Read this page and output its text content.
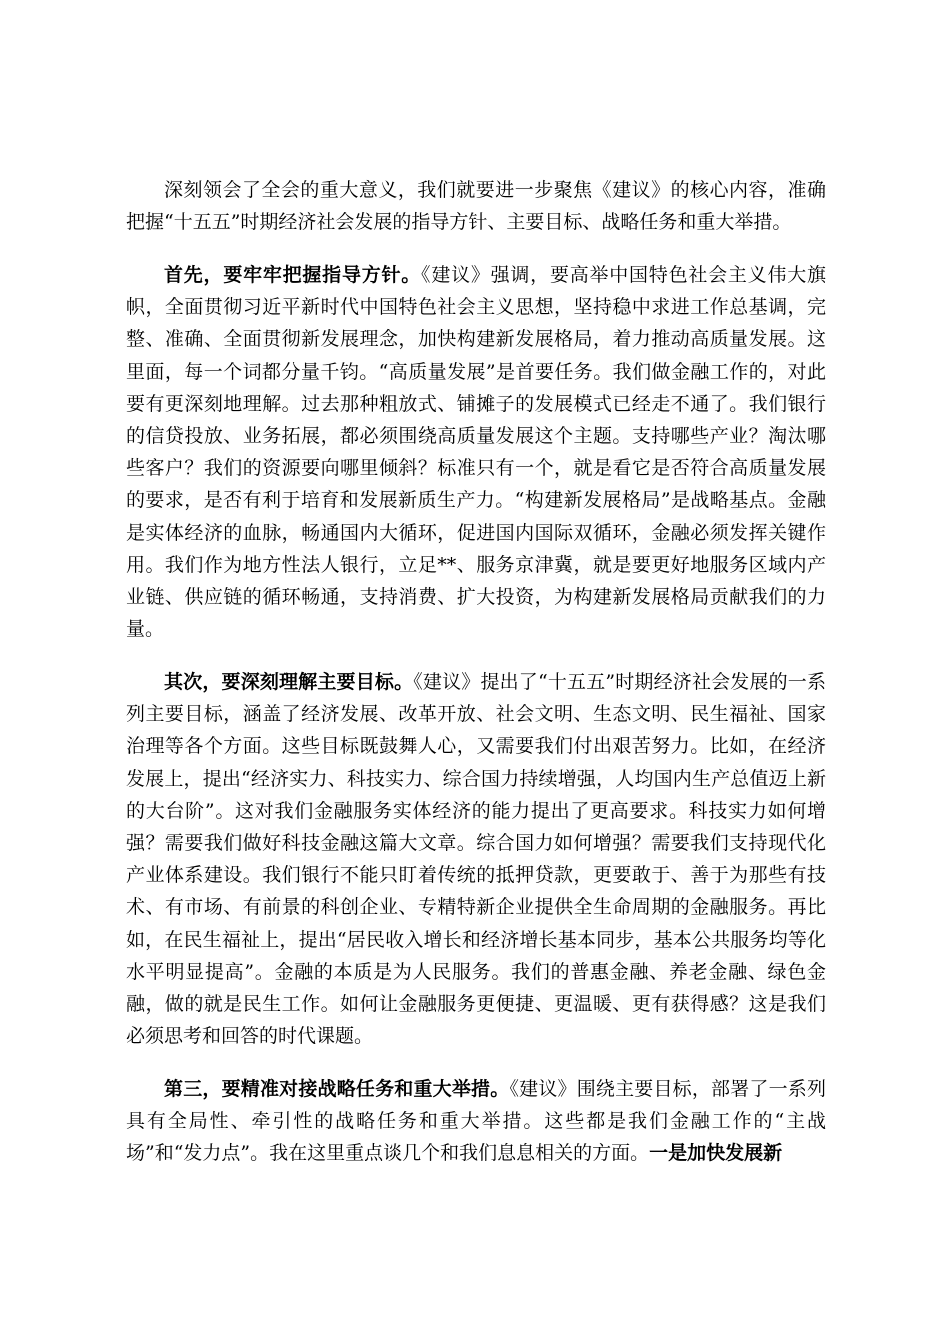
深刻领会了全会的重大意义，我们就要进一步聚焦《建议》的核心内容，准确把握“十五五”时期经济社会发展的指导方针、主要目标、战略任务和重大举措。

首先，要牢牢把握指导方针。《建议》强调，要高举中国特色社会主义伟大旗帜，全面贯彻习近平新时代中国特色社会主义思想，坚持稳中求进工作总基调，完整、准确、全面贯彻新发展理念，加快构建新发展格局，着力推动高质量发展。这里面，每一个词都分量千钧。“高质量发展”是首要任务。我们做金融工作的，对此要有更深刻地理解。过去那种粗放式、铺摊子的发展模式已经走不通了。我们银行的信贷投放、业务拓展，都必须围绕高质量发展这个主题。支持哪些产业？淘汰哪些客户？我们的资源要向哪里倾斜？标准只有一个，就是看它是否符合高质量发展的要求，是否有利于培育和发展新质生产力。“构建新发展格局”是战略基点。金融是实体经济的血脉，畅通国内大循环，促进国内国际双循环，金融必须发挥关键作用。我们作为地方性法人银行，立足**、服务京津冀，就是要更好地服务区域内产业链、供应链的循环畅通，支持消费、扩大投资，为构建新发展格局贡献我们的力量。

其次，要深刻理解主要目标。《建议》提出了“十五五”时期经济社会发展的一系列主要目标，涵盖了经济发展、改革开放、社会文明、生态文明、民生福祉、国家治理等各个方面。这些目标既鼓舞人心，又需要我们付出艰苦努力。比如，在经济发展上，提出“经济实力、科技实力、综合国力持续增强，人均国内生产总值迈上新的大台阶”。这对我们金融服务实体经济的能力提出了更高要求。科技实力如何增强？需要我们做好科技金融这篇大文章。综合国力如何增强？需要我们支持现代化产业体系建设。我们银行不能只盯着传统的抵押贷款，更要敢于、善于为那些有技术、有市场、有前景的科创企业、专精特新企业提供全生命周期的金融服务。再比如，在民生福祉上，提出“居民收入增长和经济增长基本同步，基本公共服务均等化水平明显提高”。金融的本质是为人民服务。我们的普惠金融、养老金融、绿色金融，做的就是民生工作。如何让金融服务更便捷、更温暖、更有获得感？这是我们必须思考和回答的时代课题。

第三，要精准对接战略任务和重大举措。《建议》围绕主要目标，部署了一系列具有全局性、牵引性的战略任务和重大举措。这些都是我们金融工作的“主战场”和“发力点”。我在这里重点谈几个和我们息息相关的方面。一是加快发展新
